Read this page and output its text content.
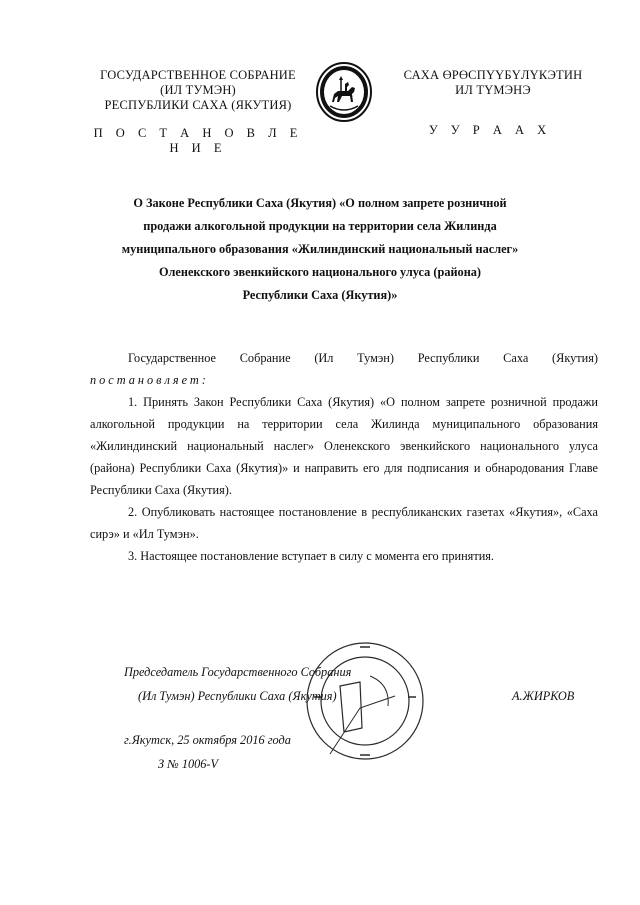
ГОСУДАРСТВЕННОЕ СОБРАНИЕ
(ИЛ ТУМЭН)
РЕСПУБЛИКИ САХА (ЯКУТИЯ)
САХА ӨРӨСПҮҮБҮЛҮКЭТИН
ИЛ ТҮМЭНЭ
П О С Т А Н О В Л Е Н И Е
У У Р А А Х
О Законе Республики Саха (Якутия) «О полном запрете розничной
продажи алкогольной продукции на территории села Жилинда
муниципального образования «Жилиндинский национальный наслег»
Оленекского эвенкийского национального улуса (района)
Республики Саха (Якутия)»

Государственное Собрание (Ил Тумэн) Республики Саха (Якутия)

постановляет:

1. Принять Закон Республики Саха (Якутия) «О полном запрете розничной продажи алкогольной продукции на территории села Жилинда муниципального образования «Жилиндинский национальный наслег» Оленекского эвенкийского национального улуса (района) Республики Саха (Якутия)» и направить его для подписания и обнародования Главе Республики Саха (Якутия).

2. Опубликовать настоящее постановление в республиканских газетах «Якутия», «Саха сирэ» и «Ил Тумэн».

3. Настоящее постановление вступает в силу с момента его принятия.

Председатель Государственного Собрания
(Ил Тумэн) Республики Саха (Якутия)	А.ЖИРКОВ
г.Якутск, 25 октября 2016 года
З № 1006-V
